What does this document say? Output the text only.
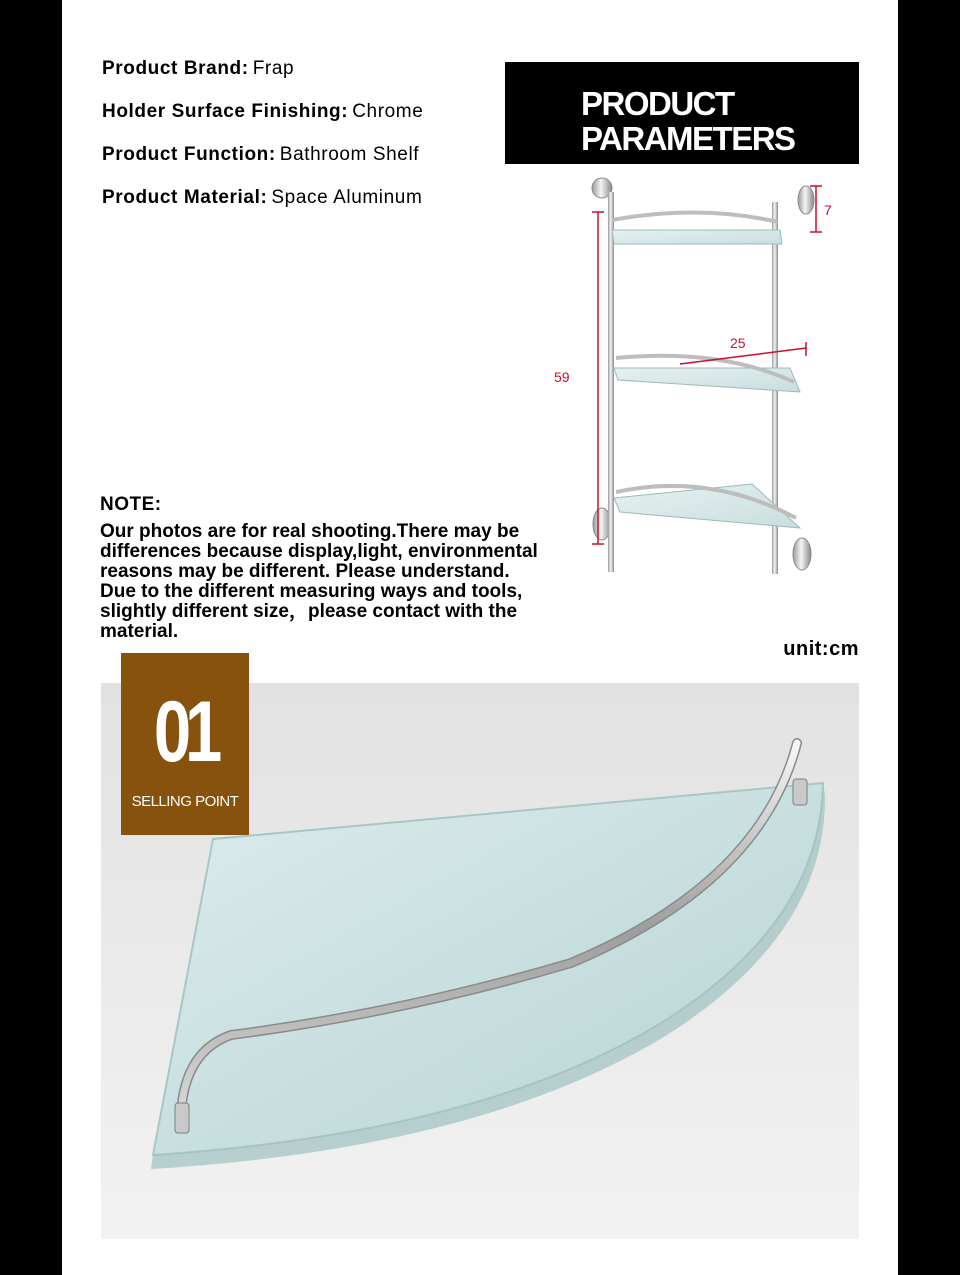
Product Brand: Frap
Holder Surface Finishing: Chrome
Product Function: Bathroom Shelf
Product Material: Space Aluminum
PRODUCT
PARAMETERS
59
7
25
NOTE:
Our photos are for real shooting.There may be
differences because display,light, environmental
reasons may be different. Please understand.
Due to the different measuring ways and tools,
slightly different size，please contact with the
material.
unit:cm
01
SELLING POINT
